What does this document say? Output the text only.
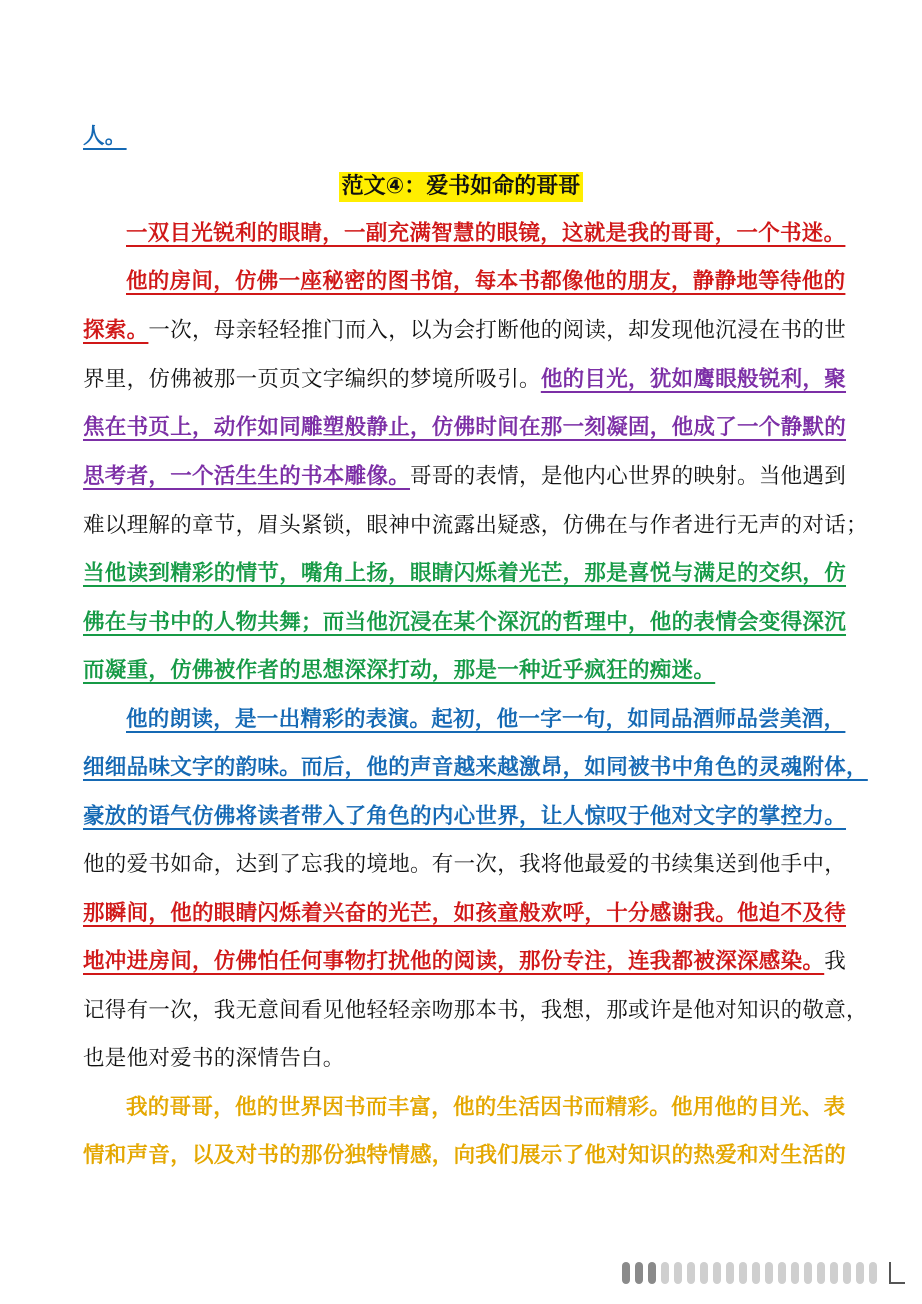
人。
范文④：爱书如命的哥哥
一双目光锐利的眼睛，一副充满智慧的眼镜，这就是我的哥哥，一个书迷。
他的房间，仿佛一座秘密的图书馆，每本书都像他的朋友，静静地等待他的
探索。一次，母亲轻轻推门而入，以为会打断他的阅读，却发现他沉浸在书的世
界里，仿佛被那一页页文字编织的梦境所吸引。他的目光，犹如鹰眼般锐利，聚
焦在书页上，动作如同雕塑般静止，仿佛时间在那一刻凝固，他成了一个静默的
思考者，一个活生生的书本雕像。哥哥的表情，是他内心世界的映射。当他遇到
难以理解的章节，眉头紧锁，眼神中流露出疑惑，仿佛在与作者进行无声的对话；
当他读到精彩的情节，嘴角上扬，眼睛闪烁着光芒，那是喜悦与满足的交织，仿
佛在与书中的人物共舞；而当他沉浸在某个深沉的哲理中，他的表情会变得深沉
而凝重，仿佛被作者的思想深深打动，那是一种近乎疯狂的痴迷。
他的朗读，是一出精彩的表演。起初，他一字一句，如同品酒师品尝美酒，
细细品味文字的韵味。而后，他的声音越来越激昂，如同被书中角色的灵魂附体，
豪放的语气仿佛将读者带入了角色的内心世界，让人惊叹于他对文字的掌控力。
他的爱书如命，达到了忘我的境地。有一次，我将他最爱的书续集送到他手中，
那瞬间，他的眼睛闪烁着兴奋的光芒，如孩童般欢呼，十分感谢我。他迫不及待
地冲进房间，仿佛怕任何事物打扰他的阅读，那份专注，连我都被深深感染。我
记得有一次，我无意间看见他轻轻亲吻那本书，我想，那或许是他对知识的敬意，
也是他对爱书的深情告白。
我的哥哥，他的世界因书而丰富，他的生活因书而精彩。他用他的目光、表
情和声音，以及对书的那份独特情感，向我们展示了他对知识的热爱和对生活的
